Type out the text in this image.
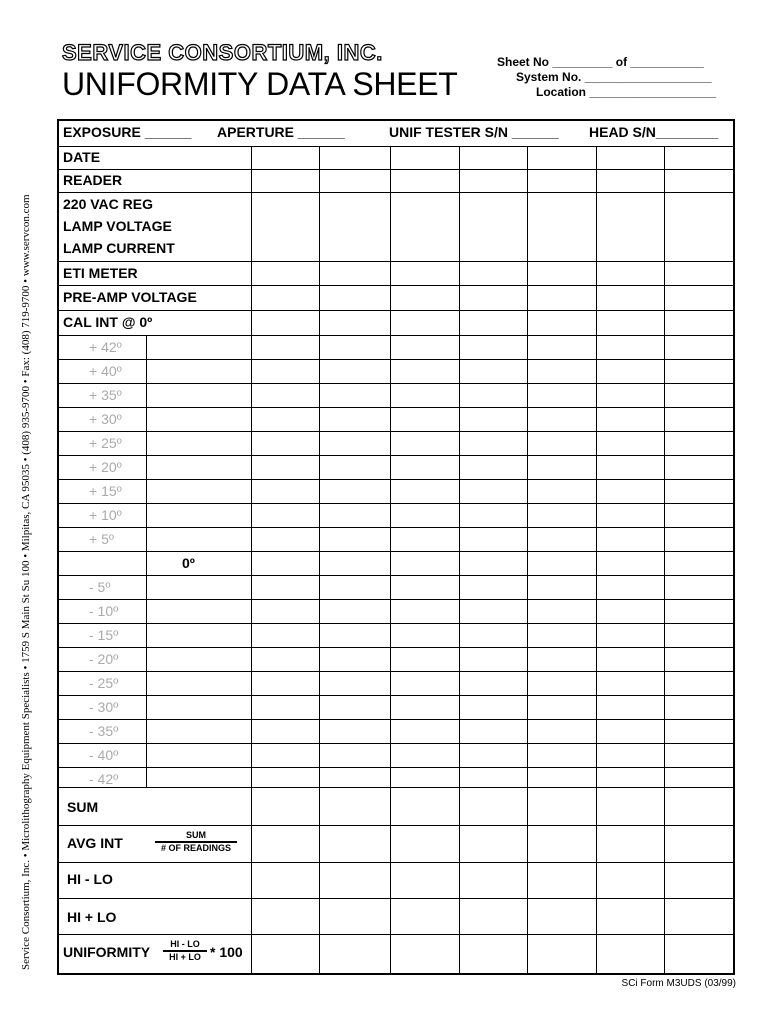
SERVICE CONSORTIUM, INC.
UNIFORMITY DATA SHEET
Sheet No _________ of ___________
System No. ___________________
Location ___________________
Service Consortium, Inc. • Microlithography Equipment Specialists • 1759 S Main St Su 100 • Milpitas, CA 95035 • (408) 935-9700 • Fax: (408) 719-9700 • www.servcon.com
EXPOSURE ______ APERTURE ______	UNIF TESTER S/N ______ HEAD S/N________
DATE
READER
220 VAC REG
LAMP VOLTAGE
LAMP CURRENT
ETI METER
PRE-AMP VOLTAGE
CAL INT @ 0º
+ 42º
+ 40º
+ 35º
+ 30º
+ 25º
+ 20º
+ 15º
+ 10º
+ 5º
0º
- 5º
- 10º
- 15º
- 20º
- 25º
- 30º
- 35º
- 40º
- 42º
SUM
AVG INT	SUM
# OF READINGS
HI - LO
HI + LO
UNIFORMITY	HI - LO
HI + LO * 100
SCi Form M3UDS (03/99)
